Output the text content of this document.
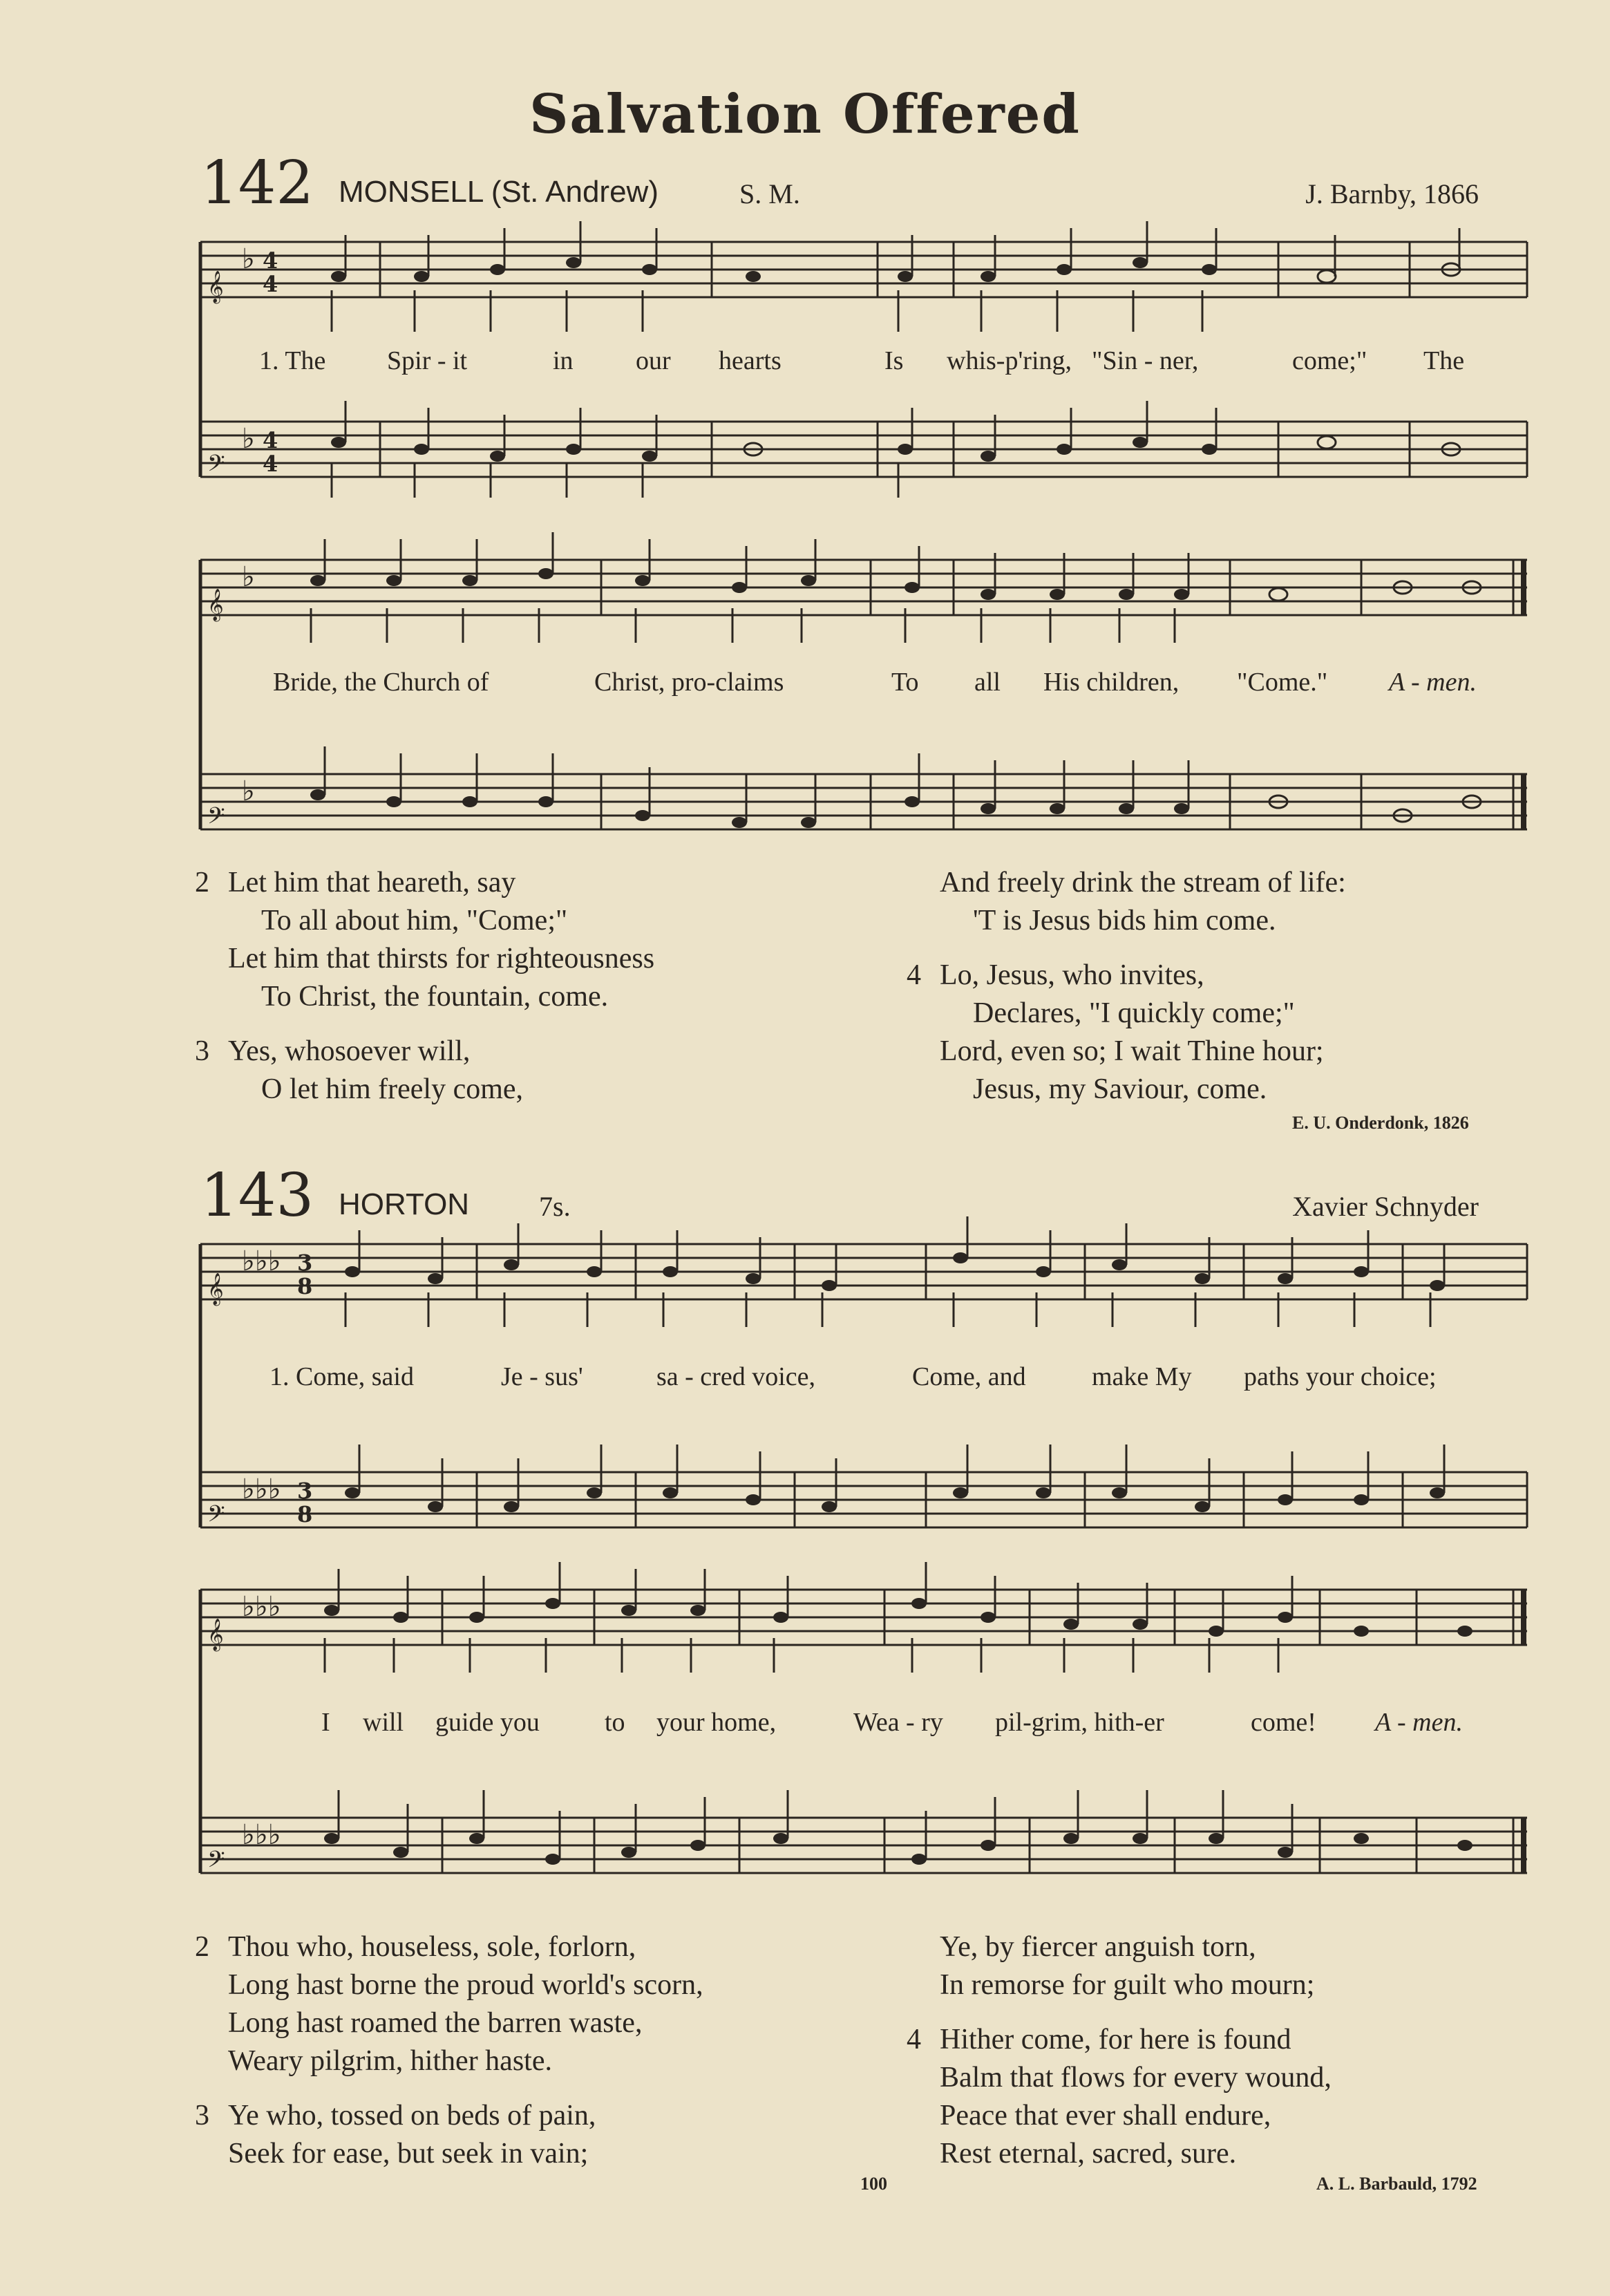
Salvation Offered
142 MONSELL (St. Andrew)	S. M.	J. Barnby, 1866
𝄞
𝄢
♭
♭
4
4
4
4
1. The Spir - it	in our hearts	Is whis-p'ring, "Sin - ner,	come;" The
𝄞
𝄢
♭
♭
Bride, the Church of	Christ, pro-claims	To all His children, "Come." A - men.
2 Let him that heareth, say
To all about him, "Come;"
Let him that thirsts for righteousness
To Christ, the fountain, come.
3 Yes, whosoever will,
O let him freely come,
And freely drink the stream of life:
'T is Jesus bids him come.
4 Lo, Jesus, who invites,
Declares, "I quickly come;"
Lord, even so; I wait Thine hour;
Jesus, my Saviour, come.
E. U. Onderdonk, 1826
143 HORTON	7s.	Xavier Schnyder
𝄞
𝄢
♭♭♭
♭♭♭
3
8
3
8
1. Come, said	Je - sus'	sa - cred voice,	Come, and	make My paths your choice;
𝄞
𝄢
♭♭♭
♭♭♭
I will guide you to your home,	Wea - ry pil-grim, hith-er	come! A - men.
2 Thou who, houseless, sole, forlorn,
Long hast borne the proud world's scorn,
Long hast roamed the barren waste,
Weary pilgrim, hither haste.
3 Ye who, tossed on beds of pain,
Seek for ease, but seek in vain;
Ye, by fiercer anguish torn,
In remorse for guilt who mourn;
4 Hither come, for here is found
Balm that flows for every wound,
Peace that ever shall endure,
Rest eternal, sacred, sure.
A. L. Barbauld, 1792
100
